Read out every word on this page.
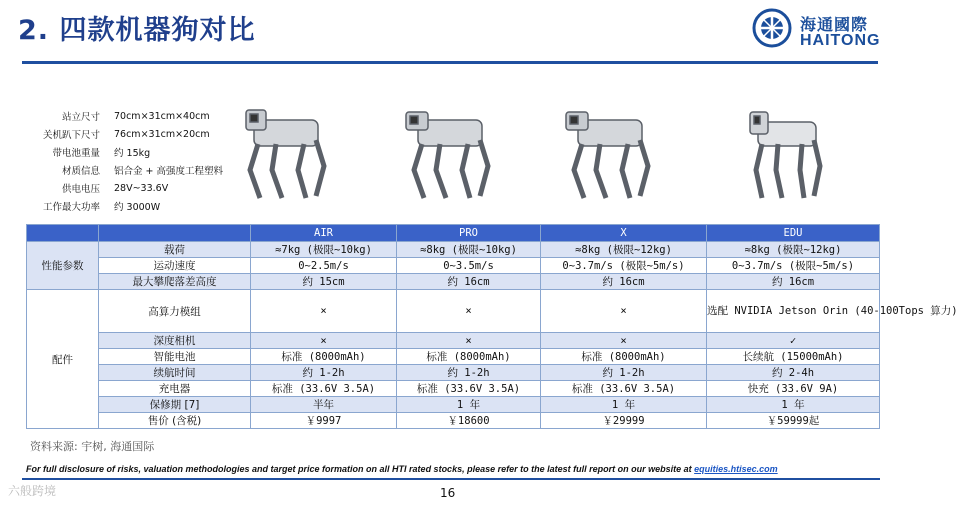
2. 四款机器狗对比	海通國際
HAITONG
站立尺寸	70cm×31cm×40cm
关机趴下尺寸	76cm×31cm×20cm
带电池重量	约 15kg
材质信息	铝合金 + 高强度工程塑料
供电电压	28V~33.6V
工作最大功率	约 3000W
		AIR	PRO	X	EDU
性能参数	载荷	≈7kg (极限~10kg)	≈8kg (极限~10kg)	≈8kg (极限~12kg)	≈8kg (极限~12kg)
	运动速度	0~2.5m/s	0~3.5m/s	0~3.7m/s (极限~5m/s)	0~3.7m/s (极限~5m/s)
	最大攀爬落差高度	约 15cm	约 16cm	约 16cm	约 16cm
配件	高算力模组	×	×	×	选配 NVIDIA Jetson Orin (40-100Tops 算力)
	深度相机	×	×	×	✓
	智能电池	标准 (8000mAh)	标准 (8000mAh)	标准 (8000mAh)	长续航 (15000mAh)
	续航时间	约 1-2h	约 1-2h	约 1-2h	约 2-4h
	充电器	标准 (33.6V 3.5A)	标准 (33.6V 3.5A)	标准 (33.6V 3.5A)	快充 (33.6V 9A)
	保修期 [7]	半年	1 年	1 年	1 年
	售价 (含税)	￥9997	￥18600	￥29999	￥59999起
资料来源: 宇树, 海通国际
For full disclosure of risks, valuation methodologies and target price formation on all HTI rated stocks, please refer to the latest full report on our website at equities.htisec.com
六般跨境	16
